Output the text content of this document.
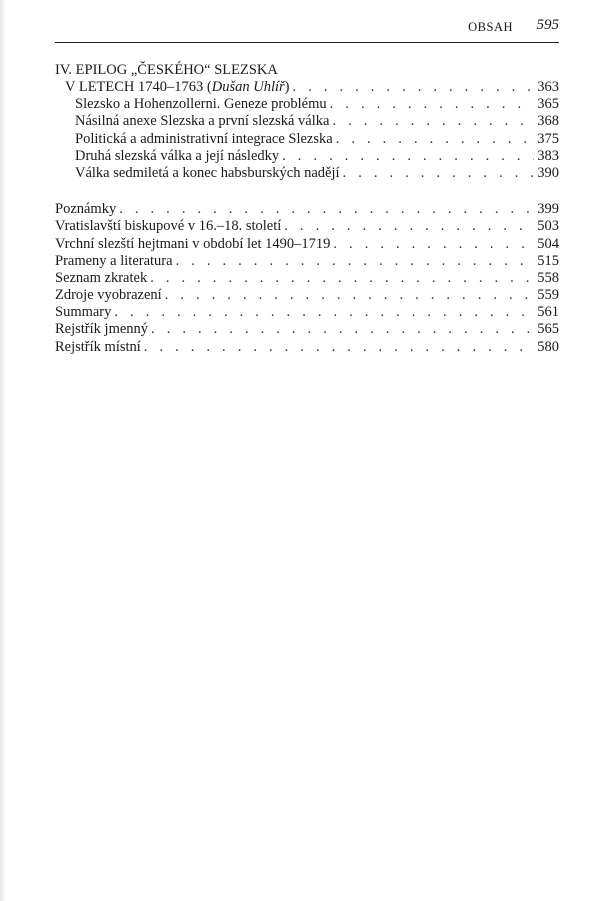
OBSAH 595
IV. EPILOG „ČESKÉHO“ SLEZSKA
V LETECH 1740–1763 (Dušan Uhlíř) . . .	363
Slezsko a Hohenzollerni. Geneze problému . . .	365
Násilná anexe Slezska a první slezská válka . . .	368
Politická a administrativní integrace Slezska . . .	375
Druhá slezská válka a její následky . . .	383
Válka sedmiletá a konec habsburských nadějí . . .	390
Poznámky . . .	399
Vratislavští biskupové v 16.–18. století . . .	503
Vrchní slezští hejtmani v období let 1490–1719 . . .	504
Prameny a literatura . . .	515
Seznam zkratek . . .	558
Zdroje vyobrazení . . .	559
Summary . . .	561
Rejstřík jmenný . . .	565
Rejstřík místní . . .	580
